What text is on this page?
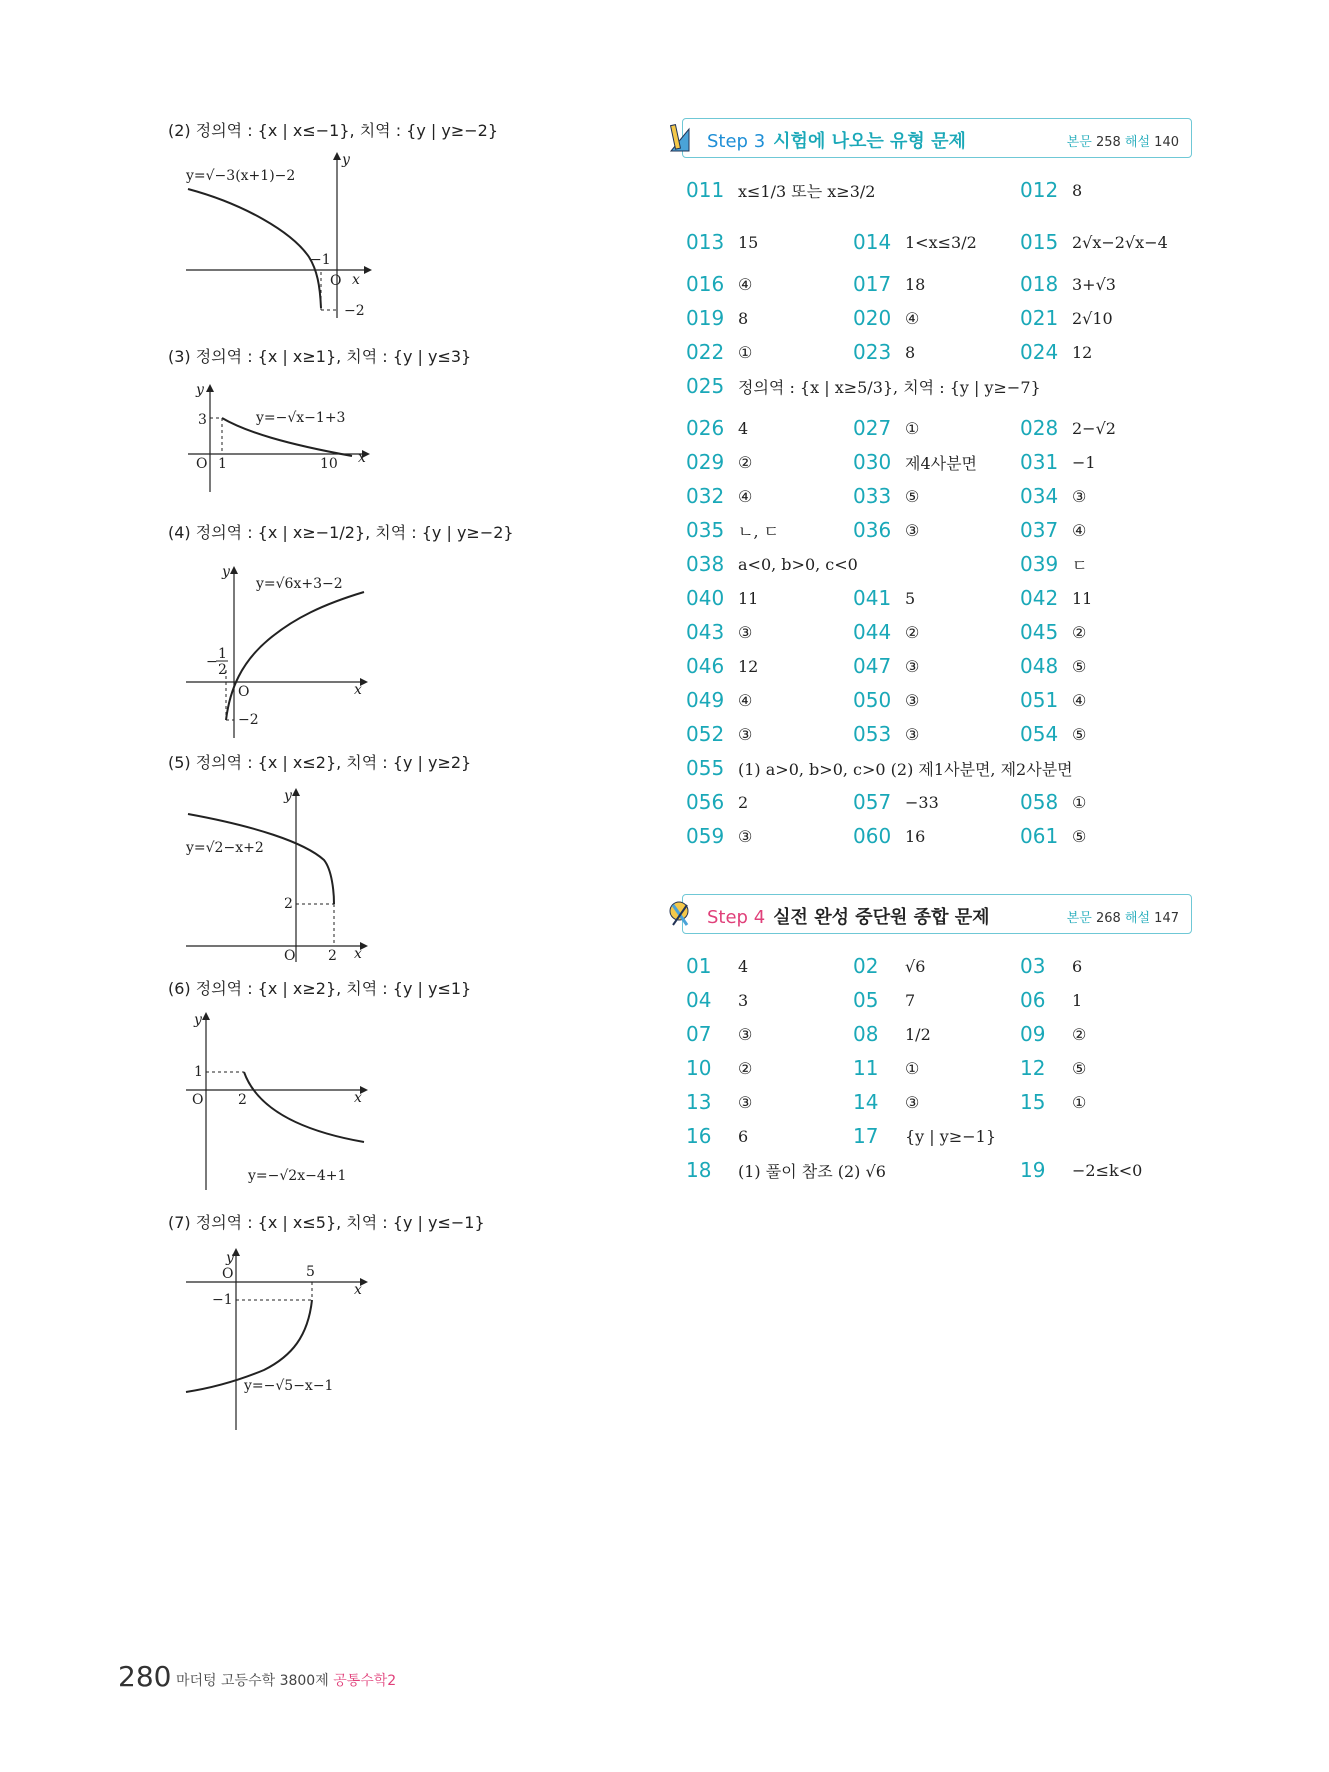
(2) 정의역 : {x | x≤−1}, 치역 : {y | y≥−2}
y
x
O
−1
−2
y=√−3(x+1)−2
(3) 정의역 : {x | x≥1}, 치역 : {y | y≤3}
y
x
O 1	10
3	y=−√x−1+3
(4) 정의역 : {x | x≥−1/2}, 치역 : {y | y≥−2}
y
x
O
−2
− 1
2
y=√6x+3−2
(5) 정의역 : {x | x≤2}, 치역 : {y | y≥2}
y
x
O 2
2
y=√2−x+2
(6) 정의역 : {x | x≥2}, 치역 : {y | y≤1}
y
x
O 2
1
y=−√2x−4+1
(7) 정의역 : {x | x≤5}, 치역 : {y | y≤−1}
y
x
O	5
−1
y=−√5−x−1
Step 3 시험에 나오는 유형 문제	본문 258 해설 140
011 x≤1/3 또는 x≥3/2	012 8
013 15	014 1<x≤3/2 015 2√x−2√x−4
016 ④	017 18	018 3+√3
019 8	020 ④	021 2√10
022 ①	023 8	024 12
025 정의역 : {x | x≥5/3}, 치역 : {y | y≥−7}
026 4	027 ①	028 2−√2
029 ②	030 제4사분면 031 −1
032 ④	033 ⑤	034 ③
035 ㄴ, ㄷ	036 ③	037 ④
038 a<0, b>0, c<0	039 ㄷ
040 11	041 5	042 11
043 ③	044 ②	045 ②
046 12	047 ③	048 ⑤
049 ④	050 ③	051 ④
052 ③	053 ③	054 ⑤
055 (1) a>0, b>0, c>0 (2) 제1사분면, 제2사분면
056 2	057 −33	058 ①
059 ③	060 16	061 ⑤
Step 4 실전 완성 중단원 종합 문제	본문 268 해설 147
01	4	02	√6	03	6
04	3	05	7	06	1
07	③	08	1/2	09	②
10	②	11	①	12	⑤
13	③	14	③	15	①
16	6	17	{y | y≥−1}
18	(1) 풀이 참조 (2) √6	19	−2≤k<0
280 마더텅 고등수학 3800제 공통수학2
